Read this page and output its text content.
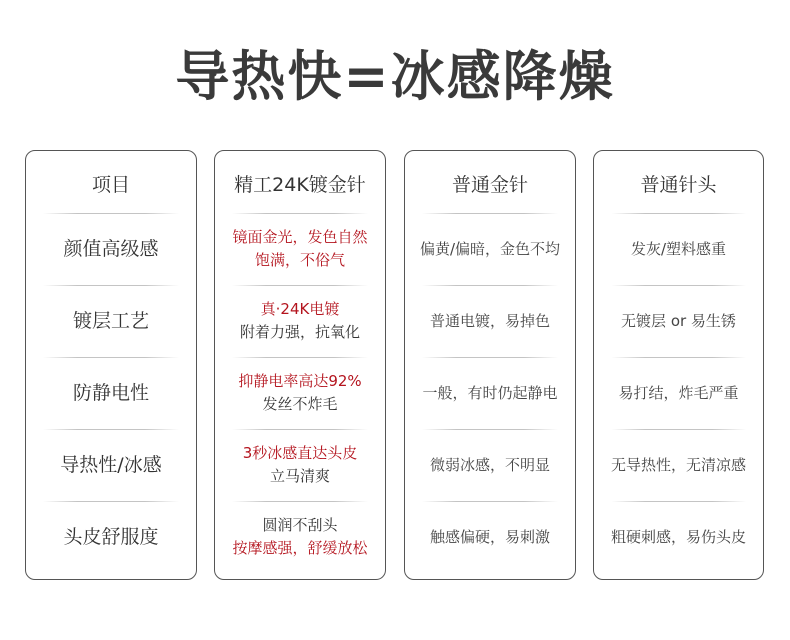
导热快=冰感降燥
项目
颜值高级感
镀层工艺
防静电性
导热性/冰感
头皮舒服度
精工24K镀金针
镜面金光，发色自然
饱满，不俗气
真·24K电镀
附着力强，抗氧化
抑静电率高达92%
发丝不炸毛
3秒冰感直达头皮
立马清爽
圆润不刮头
按摩感强，舒缓放松
普通金针
偏黄/偏暗，金色不均
普通电镀，易掉色
一般，有时仍起静电
微弱冰感，不明显
触感偏硬，易刺激
普通针头
发灰/塑料感重
无镀层 or 易生锈
易打结，炸毛严重
无导热性，无清凉感
粗硬刺感，易伤头皮
